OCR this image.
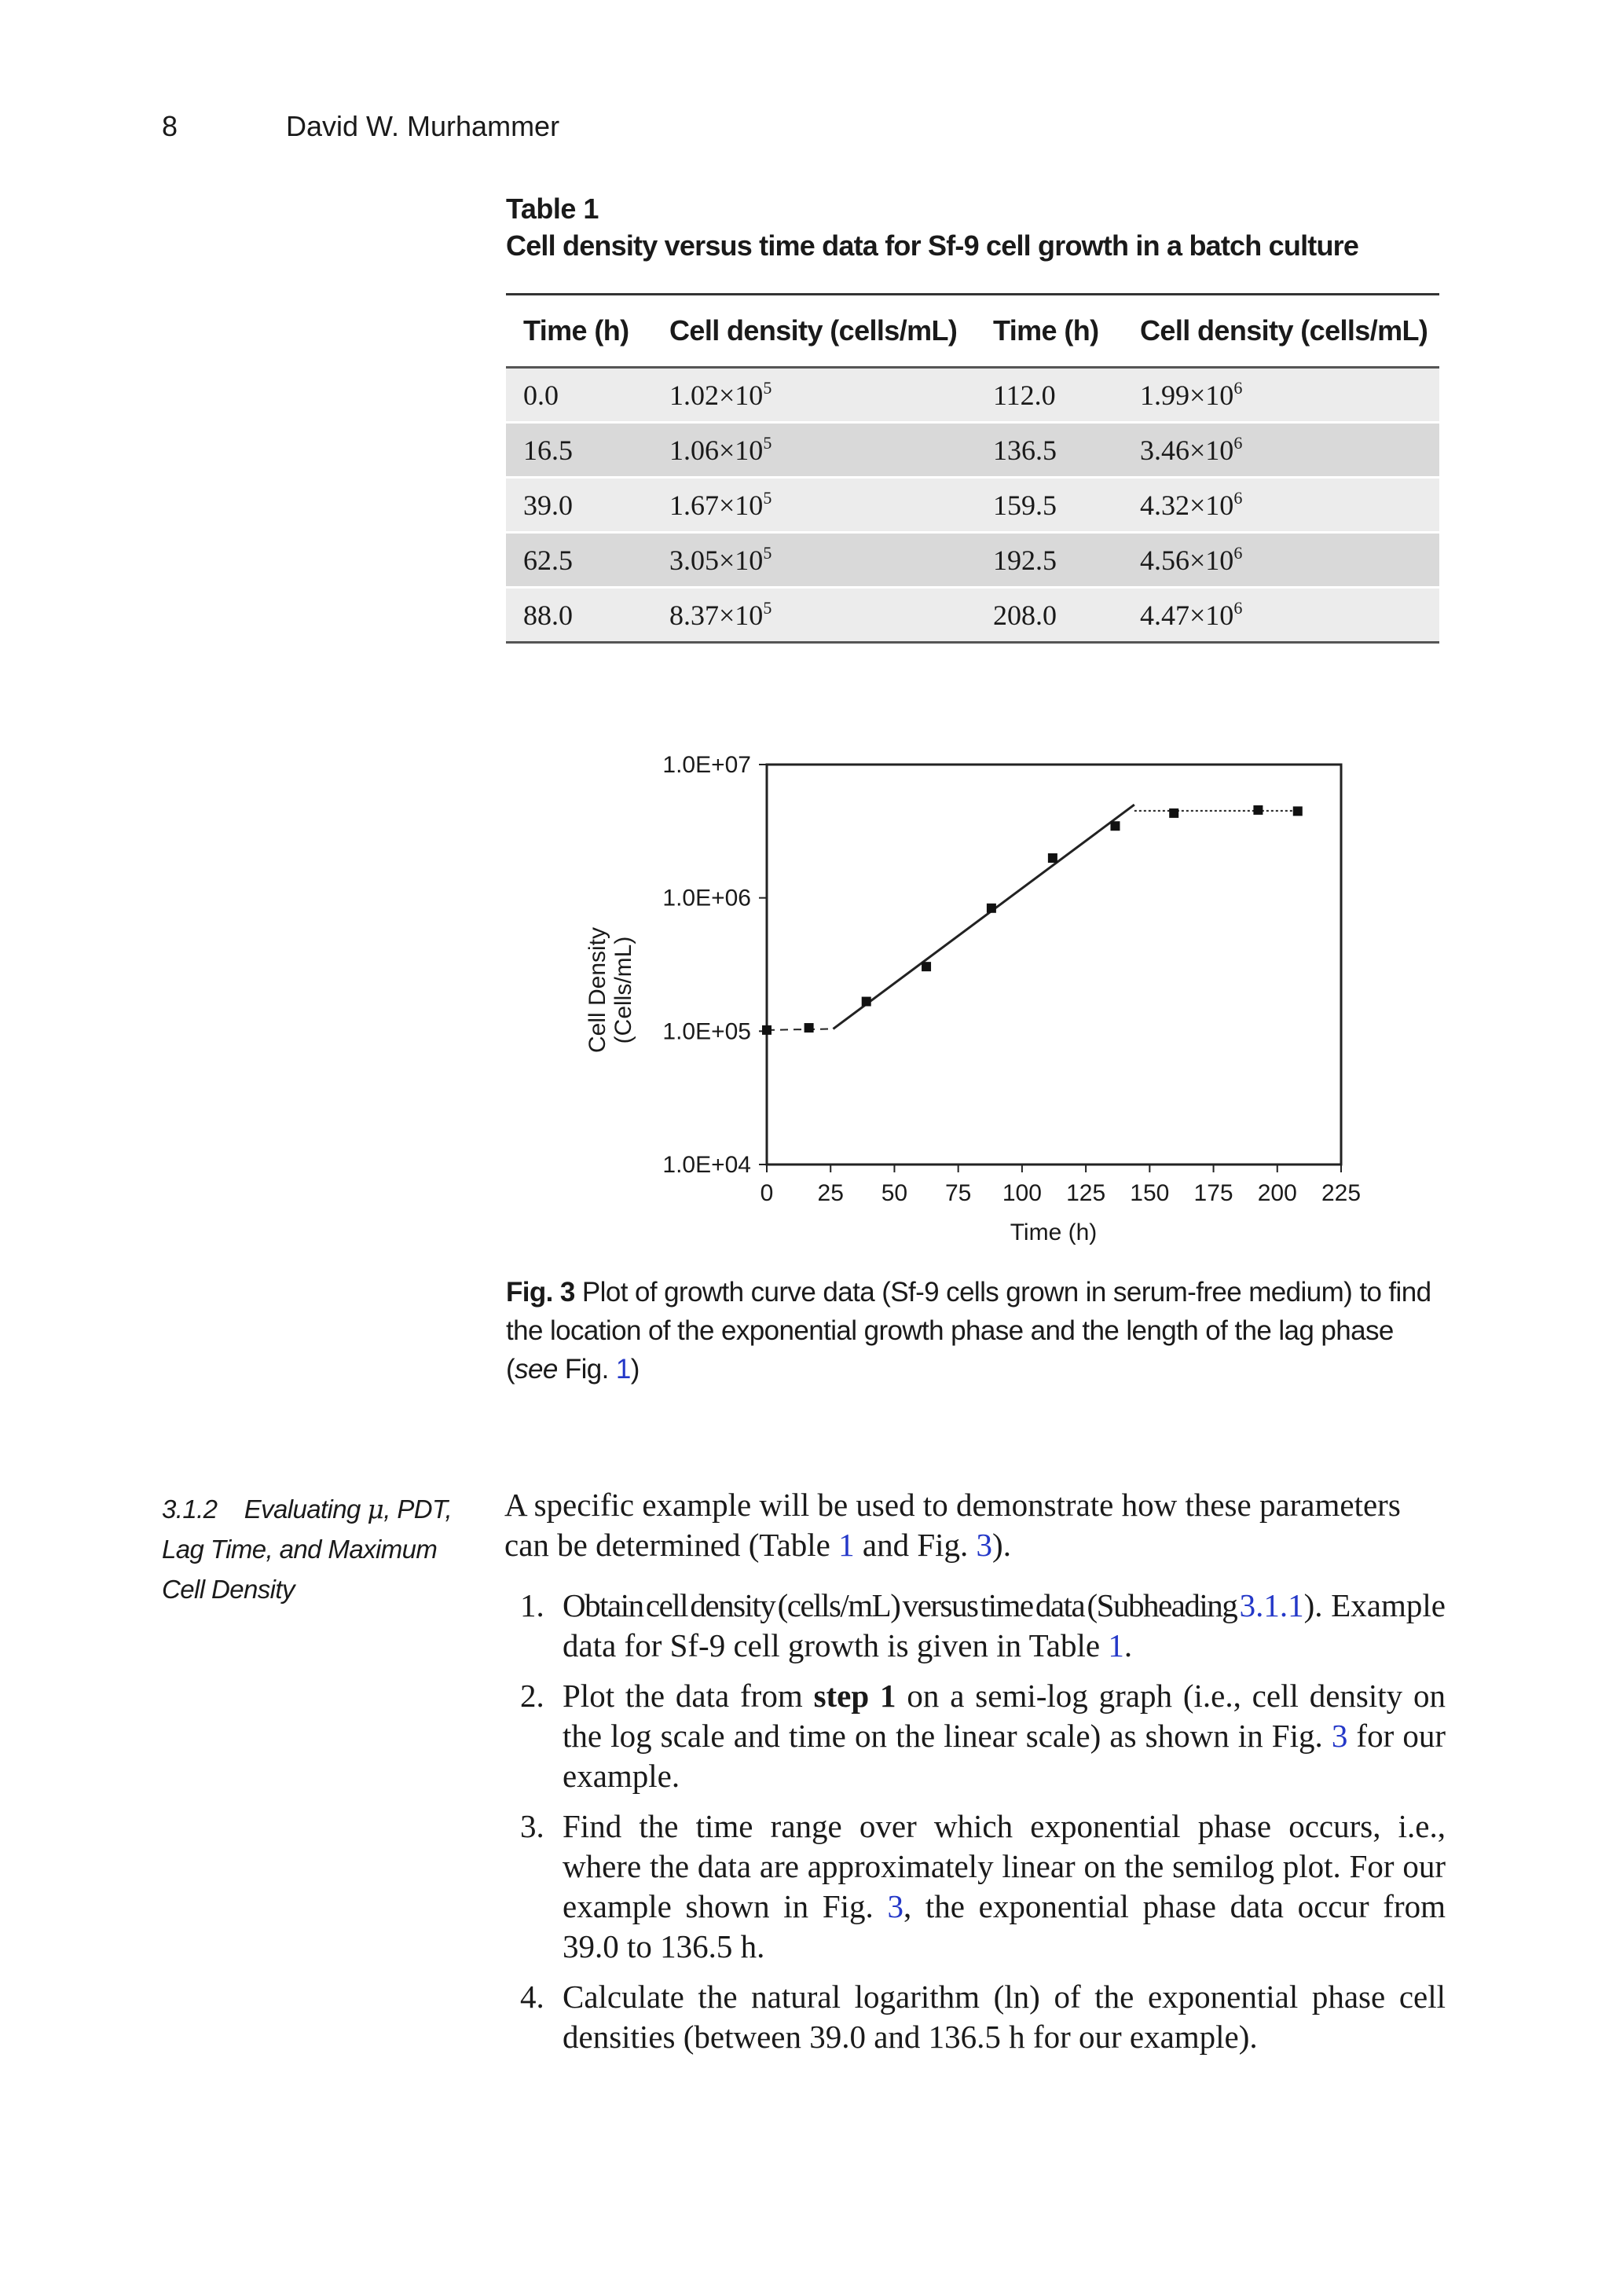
8	David W. Murhammer
Table 1
Cell density versus time data for Sf-9 cell growth in a batch culture
Time (h)	Cell density (cells/mL)	Time (h)	Cell density (cells/mL)
0.0	$1.02\times 10^5$	112.0	$1.99\times 10^6$
16.5	$1.06\times 10^5$	136.5	$3.46\times 10^6$
39.0	$1.67\times 10^5$	159.5	$4.32\times 10^6$
62.5	$3.05\times 10^5$	192.5	$4.56\times 10^6$
88.0	$8.37\times 10^5$	208.0	$4.47\times 10^6$
1.0E+04
1.0E+05
1.0E+06
1.0E+07
0 25 50 75 100 125 150 175 200 225
Cell Density (Cells/mL)
Time (h)
Fig. 3 Plot of growth curve data (Sf-9 cells grown in serum-free medium) to find the location of the exponential growth phase and the length of the lag phase (see Fig. 1)
3.1.2 Evaluating μ, PDT, Lag Time, and Maximum Cell Density
A specific example will be used to demonstrate how these parameters can be determined (Table 1 and Fig. 3).
1. Obtain cell density (cells/mL) versus time data (Subheading 3.1.1). Example data for Sf-9 cell growth is given in Table 1.
2. Plot the data from step 1 on a semi-log graph (i.e., cell density on the log scale and time on the linear scale) as shown in Fig. 3 for our example.
3. Find the time range over which exponential phase occurs, i.e., where the data are approximately linear on the semilog plot. For our example shown in Fig. 3, the exponential phase data occur from 39.0 to 136.5 h.
4. Calculate the natural logarithm (ln) of the exponential phase cell densities (between 39.0 and 136.5 h for our example).
